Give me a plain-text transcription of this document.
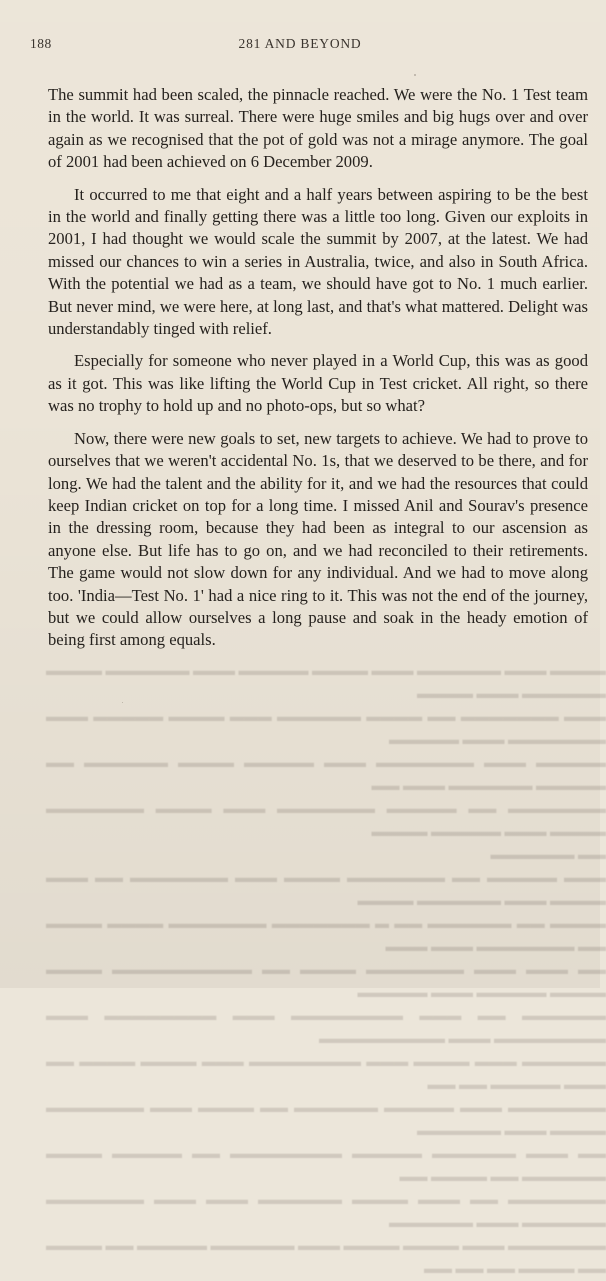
188	281 AND BEYOND

The summit had been scaled, the pinnacle reached. We were the No. 1 Test team in the world. It was surreal. There were huge smiles and big hugs over and over again as we recognised that the pot of gold was not a mirage anymore. The goal of 2001 had been achieved on 6 December 2009.

It occurred to me that eight and a half years between aspiring to be the best in the world and finally getting there was a little too long. Given our exploits in 2001, I had thought we would scale the summit by 2007, at the latest. We had missed our chances to win a series in Australia, twice, and also in South Africa. With the potential we had as a team, we should have got to No. 1 much earlier. But never mind, we were here, at long last, and that's what mattered. Delight was understandably tinged with relief.

Especially for someone who never played in a World Cup, this was as good as it got. This was like lifting the World Cup in Test cricket. All right, so there was no trophy to hold up and no photo-ops, but so what?

Now, there were new goals to set, new targets to achieve. We had to prove to ourselves that we weren't accidental No. 1s, that we deserved to be there, and for long. We had the talent and the ability for it, and we had the resources that could keep Indian cricket on top for a long time. I missed Anil and Sourav's presence in the dressing room, because they had been as integral to our ascension as anyone else. But life has to go on, and we had reconciled to their retirements. The game would not slow down for any individual. And we had to move along too. 'India—Test No. 1' had a nice ring to it. This was not the end of the journey, but we could allow ourselves a long pause and soak in the heady emotion of being first among equals.

▬▬▬▬ ▬▬▬ ▬▬▬▬▬▬ ▬▬▬ ▬▬▬▬ ▬▬▬▬▬ ▬▬▬ ▬▬▬▬▬▬ ▬▬▬▬ ▬▬▬▬▬▬ ▬▬▬ ▬▬▬▬

▬▬▬ ▬▬▬▬▬▬▬ ▬▬ ▬▬▬▬ ▬▬▬▬▬▬ ▬▬▬ ▬▬▬▬ ▬▬▬▬▬ ▬▬▬ ▬▬▬▬▬▬▬ ▬▬▬ ▬▬▬▬▬

▬▬▬▬▬ ▬▬▬ ▬▬▬▬▬▬▬ ▬▬▬ ▬▬▬▬▬ ▬▬▬▬ ▬▬▬▬▬▬ ▬▬ ▬▬▬▬▬ ▬▬▬▬▬▬ ▬▬▬ ▬▬

▬▬▬▬▬▬▬ ▬▬ ▬▬▬▬▬ ▬▬▬▬▬▬▬ ▬▬▬ ▬▬▬▬ ▬▬▬▬▬▬▬ ▬▬▬▬ ▬▬▬ ▬▬▬▬▬ ▬▬▬▬

▬▬ ▬▬▬▬▬▬

▬▬▬ ▬▬▬▬▬ ▬▬ ▬▬▬▬▬▬▬ ▬▬▬▬ ▬▬▬ ▬▬▬▬▬▬▬ ▬▬ ▬▬▬ ▬▬▬▬ ▬▬▬ ▬▬▬▬▬▬ ▬▬▬▬

▬▬▬▬ ▬▬ ▬▬▬▬▬▬ ▬▬ ▬ ▬▬▬▬▬▬▬ ▬▬▬▬▬▬▬ ▬▬▬▬ ▬▬▬▬ ▬▬ ▬▬▬▬▬▬▬ ▬▬▬ ▬▬▬

▬▬ ▬▬▬ ▬▬▬ ▬▬▬▬▬▬▬ ▬▬▬▬ ▬▬ ▬▬▬▬▬▬▬▬▬▬ ▬▬▬▬ ▬▬▬▬ ▬▬▬▬▬ ▬▬▬ ▬▬▬▬▬

▬▬▬▬▬▬ ▬▬ ▬▬▬ ▬▬▬▬▬▬▬▬ ▬▬▬ ▬▬▬▬▬▬▬▬ ▬▬▬ ▬▬▬▬▬▬▬▬ ▬▬▬ ▬▬▬▬▬▬▬▬▬

▬▬▬▬▬▬ ▬▬▬ ▬▬▬▬ ▬▬▬ ▬▬▬▬▬▬▬▬ ▬▬▬ ▬▬▬▬ ▬▬▬▬ ▬▬ ▬▬▬ ▬▬▬▬▬ ▬▬ ▬▬

▬▬▬▬▬▬▬ ▬▬▬ ▬▬▬▬▬ ▬▬▬▬▬▬ ▬▬ ▬▬▬▬ ▬▬▬ ▬▬▬▬▬▬▬ ▬▬▬▬ ▬▬▬ ▬▬▬▬▬▬

▬▬ ▬▬▬ ▬▬▬▬▬▬ ▬▬▬▬▬ ▬▬▬▬▬▬▬▬ ▬▬ ▬▬▬▬▬ ▬▬▬▬ ▬▬▬▬▬▬ ▬▬ ▬▬▬▬ ▬▬

▬▬▬▬▬▬▬ ▬▬ ▬▬▬ ▬▬▬▬ ▬▬▬▬▬▬ ▬▬▬ ▬▬▬ ▬▬▬▬▬▬▬ ▬▬▬▬▬▬ ▬▬▬ ▬▬▬▬▬▬

▬▬▬▬▬▬▬ ▬▬▬ ▬▬▬▬ ▬▬▬▬ ▬▬▬ ▬▬▬▬▬▬ ▬▬▬▬▬ ▬▬ ▬▬▬▬ ▬▬ ▬▬▬▬ ▬▬ ▬▬ ▬▬
